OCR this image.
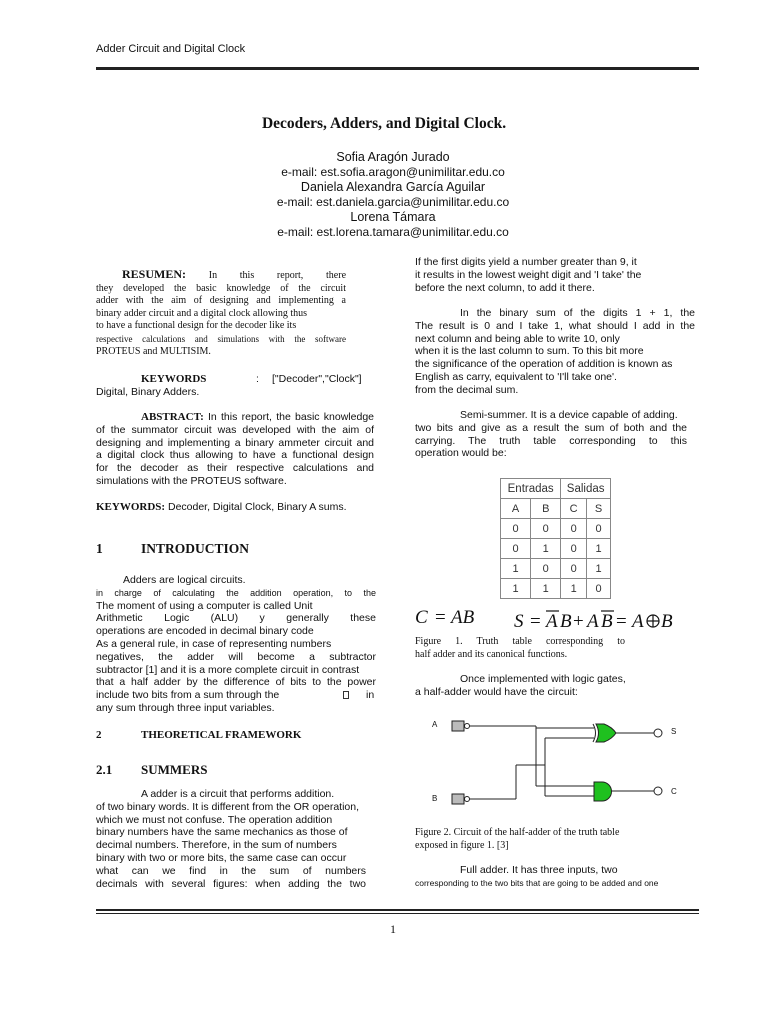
Adder Circuit and Digital Clock
Decoders, Adders, and Digital Clock.
Sofia Aragón Jurado
e-mail: est.sofia.aragon@unimilitar.edu.co
Daniela Alexandra García Aguilar
e-mail: est.daniela.garcia@unimilitar.edu.co
Lorena Támara
e-mail: est.lorena.tamara@unimilitar.edu.co
RESUMEN: In this report, there
they developed the basic knowledge of the circuit
adder with the aim of designing and implementing a
binary adder circuit and a digital clock allowing thus
to have a functional design for the decoder like its
respective calculations and simulations with the software
PROTEUS and MULTISIM.
KEYWORDS	: ["Decoder","Clock"]
Digital, Binary Adders.
ABSTRACT: In this report, the basic knowledge
of the summator circuit was developed with the aim of
designing and implementing a binary ammeter circuit and
a digital clock thus allowing to have a functional design
for the decoder as their respective calculations and
simulations with the PROTEUS software.
KEYWORDS: Decoder, Digital Clock, Binary A sums.
1	INTRODUCTION
Adders are logical circuits.
in charge of calculating the addition operation, to the
The moment of using a computer is called Unit
Arithmetic Logic (ALU) y generally these
operations are encoded in decimal binary code
As a general rule, in case of representing numbers
negatives, the adder will become a subtractor
subtractor [1] and it is a more complete circuit in contrast
that a half adder by the difference of bits to the power
include two bits from a sum through the	in
any sum through three input variables.
2	THEORETICAL FRAMEWORK
2.1 SUMMERS
A adder is a circuit that performs addition.
of two binary words. It is different from the OR operation,
which we must not confuse. The operation addition
binary numbers have the same mechanics as those of
decimal numbers. Therefore, in the sum of numbers
binary with two or more bits, the same case can occur
what can we find in the sum of numbers
decimals with several figures: when adding the two
If the first digits yield a number greater than 9, it
it results in the lowest weight digit and 'I take' the
before the next column, to add it there.
In the binary sum of the digits 1 + 1, the
The result is 0 and I take 1, what should I add in the
next column and being able to write 10, only
when it is the last column to sum. To this bit more
the significance of the operation of addition is known as
English as carry, equivalent to 'I'll take one'.
from the decimal sum.
Semi-summer. It is a device capable of adding.
two bits and give as a result the sum of both and the
carrying. The truth table corresponding to this
operation would be:
Entradas		Salidas	
A	B	C	S
0	0	0	0
0	1	0	1
1	0	0	1
1	1	1	0
C = AB S = A B + A B = A B
Figure 1. Truth table corresponding to
half adder and its canonical functions.
Once implemented with logic gates,
a half-adder would have the circuit:
A
B
S
C
Figure 2. Circuit of the half-adder of the truth table
exposed in figure 1. [3]
Full adder. It has three inputs, two
corresponding to the two bits that are going to be added and one
1
